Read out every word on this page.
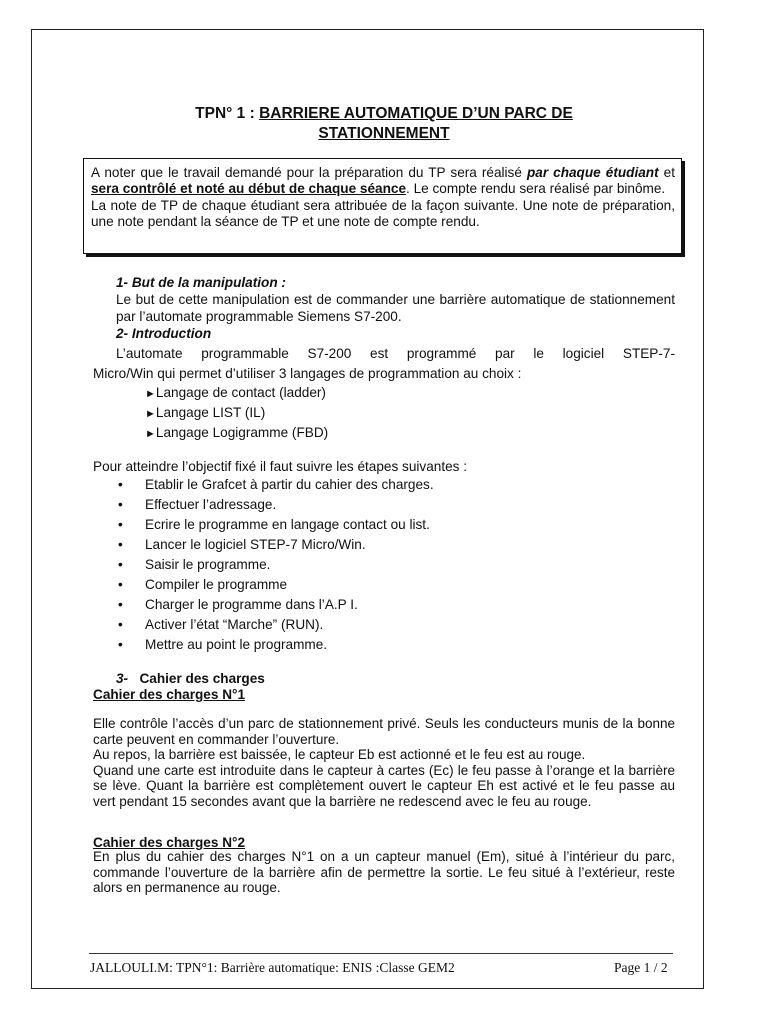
TPN° 1 : BARRIERE AUTOMATIQUE D’UN PARC DE
STATIONNEMENT
A noter que le travail demandé pour la préparation du TP sera réalisé par chaque étudiant et sera contrôlé et noté au début de chaque séance. Le compte rendu sera réalisé par binôme.
La note de TP de chaque étudiant sera attribuée de la façon suivante. Une note de préparation, une note pendant la séance de TP et une note de compte rendu.
1- But de la manipulation :
Le but de cette manipulation est de commander une barrière automatique de stationnement par l’automate programmable Siemens S7-200.
2- Introduction
L’automate programmable S7-200 est programmé par le logiciel STEP-7-
Micro/Win qui permet d’utiliser 3 langages de programmation au choix :
►Langage de contact (ladder)
►Langage LIST (IL)
►Langage Logigramme (FBD)
Pour atteindre l’objectif fixé il faut suivre les étapes suivantes :
•	Etablir le Grafcet à partir du cahier des charges.
•	Effectuer l’adressage.
•	Ecrire le programme en langage contact ou list.
•	Lancer le logiciel STEP-7 Micro/Win.
•	Saisir le programme.
•	Compiler le programme
•	Charger le programme dans l’A.P I.
•	Activer l’état “Marche” (RUN).
•	Mettre au point le programme.
3- Cahier des charges
Cahier des charges N°1
Elle contrôle l’accès d’un parc de stationnement privé. Seuls les conducteurs munis de la bonne carte peuvent en commander l’ouverture.
Au repos, la barrière est baissée, le capteur Eb est actionné et le feu est au rouge.
Quand une carte est introduite dans le capteur à cartes (Ec) le feu passe à l’orange et la barrière se lève. Quant la barrière est complètement ouvert le capteur Eh est activé et le feu passe au vert pendant 15 secondes avant que la barrière ne redescend avec le feu au rouge.
Cahier des charges N°2
En plus du cahier des charges N°1 on a un capteur manuel (Em), situé à l’intérieur du parc, commande l’ouverture de la barrière afin de permettre la sortie. Le feu situé à l’extérieur, reste alors en permanence au rouge.
JALLOULI.M: TPN°1: Barrière automatique: ENIS :Classe GEM2	Page 1 / 2
